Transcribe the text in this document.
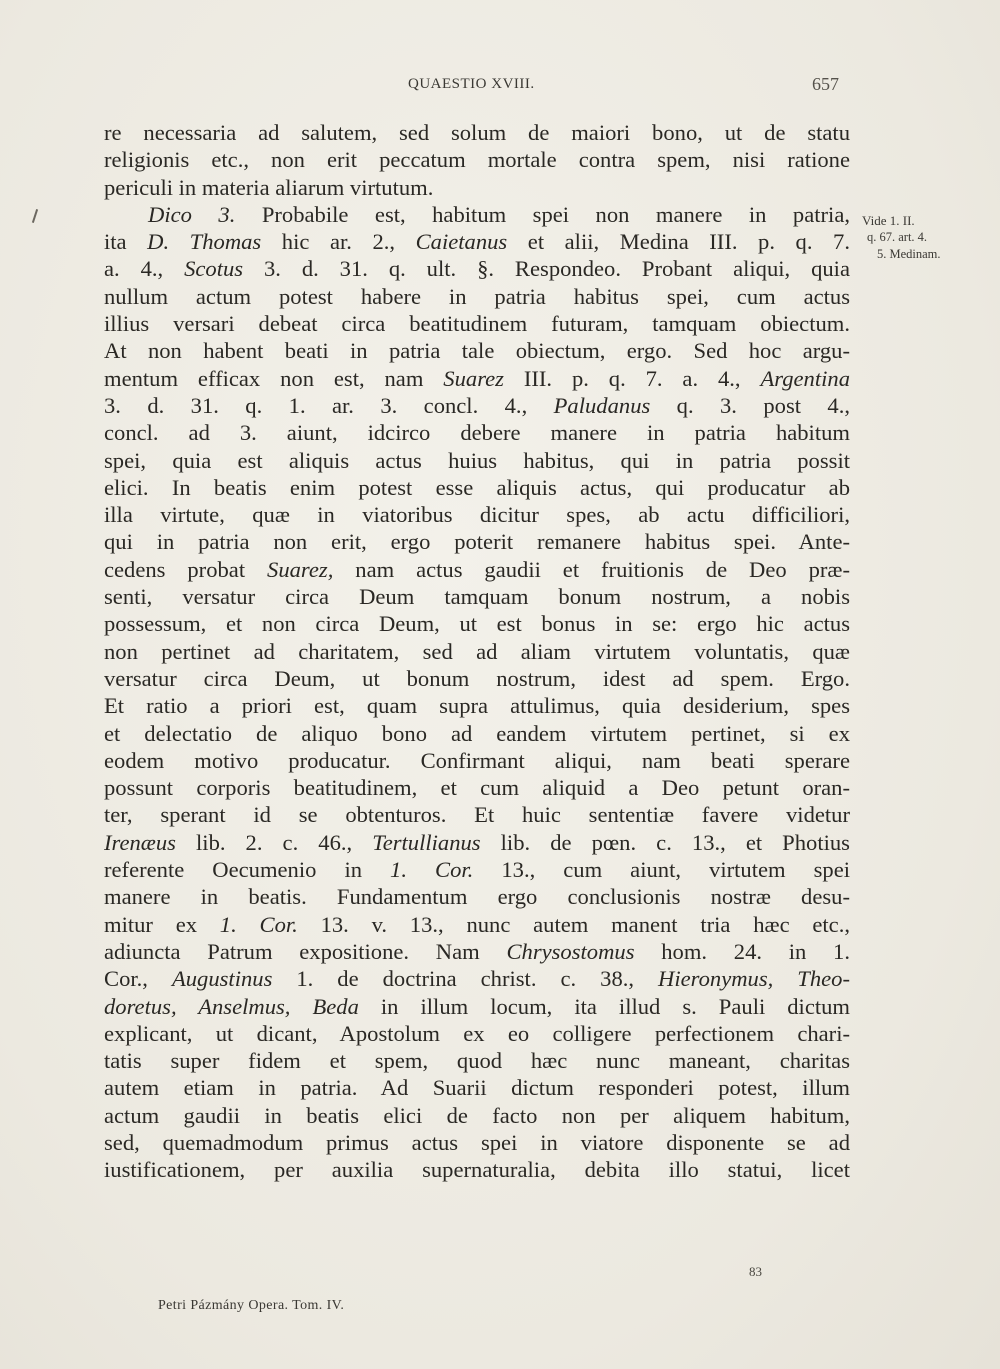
QUAESTIO XVIII.	657
re necessaria ad salutem, sed solum de maiori bono, ut de statu
religionis etc., non erit peccatum mortale contra spem, nisi ratione
periculi in materia aliarum virtutum.
Dico 3. Probabile est, habitum spei non manere in patria,
ita D. Thomas hic ar. 2., Caietanus et alii, Medina III. p. q. 7.
a. 4., Scotus 3. d. 31. q. ult. §. Respondeo. Probant aliqui, quia
nullum actum potest habere in patria habitus spei, cum actus
illius versari debeat circa beatitudinem futuram, tamquam obiectum.
At non habent beati in patria tale obiectum, ergo. Sed hoc argu-
mentum efficax non est, nam Suarez III. p. q. 7. a. 4., Argentina
3. d. 31. q. 1. ar. 3. concl. 4., Paludanus q. 3. post 4.,
concl. ad 3. aiunt, idcirco debere manere in patria habitum
spei, quia est aliquis actus huius habitus, qui in patria possit
elici. In beatis enim potest esse aliquis actus, qui producatur ab
illa virtute, quæ in viatoribus dicitur spes, ab actu difficiliori,
qui in patria non erit, ergo poterit remanere habitus spei. Ante-
cedens probat Suarez, nam actus gaudii et fruitionis de Deo præ-
senti, versatur circa Deum tamquam bonum nostrum, a nobis
possessum, et non circa Deum, ut est bonus in se: ergo hic actus
non pertinet ad charitatem, sed ad aliam virtutem voluntatis, quæ
versatur circa Deum, ut bonum nostrum, idest ad spem. Ergo.
Et ratio a priori est, quam supra attulimus, quia desiderium, spes
et delectatio de aliquo bono ad eandem virtutem pertinet, si ex
eodem motivo producatur. Confirmant aliqui, nam beati sperare
possunt corporis beatitudinem, et cum aliquid a Deo petunt oran-
ter, sperant id se obtenturos. Et huic sententiæ favere videtur
Irenæus lib. 2. c. 46., Tertullianus lib. de pœn. c. 13., et Photius
referente Oecumenio in 1. Cor. 13., cum aiunt, virtutem spei
manere in beatis. Fundamentum ergo conclusionis nostræ desu-
mitur ex 1. Cor. 13. v. 13., nunc autem manent tria hæc etc.,
adiuncta Patrum expositione. Nam Chrysostomus hom. 24. in 1.
Cor., Augustinus 1. de doctrina christ. c. 38., Hieronymus, Theo-
doretus, Anselmus, Beda in illum locum, ita illud s. Pauli dictum
explicant, ut dicant, Apostolum ex eo colligere perfectionem chari-
tatis super fidem et spem, quod hæc nunc maneant, charitas
autem etiam in patria. Ad Suarii dictum responderi potest, illum
actum gaudii in beatis elici de facto non per aliquem habitum,
sed, quemadmodum primus actus spei in viatore disponente se ad
iustificationem, per auxilia supernaturalia, debita illo statui, licet
Vide 1. II.
q. 67. art. 4.
5. Medinam.
83
Petri Pázmány Opera. Tom. IV.
